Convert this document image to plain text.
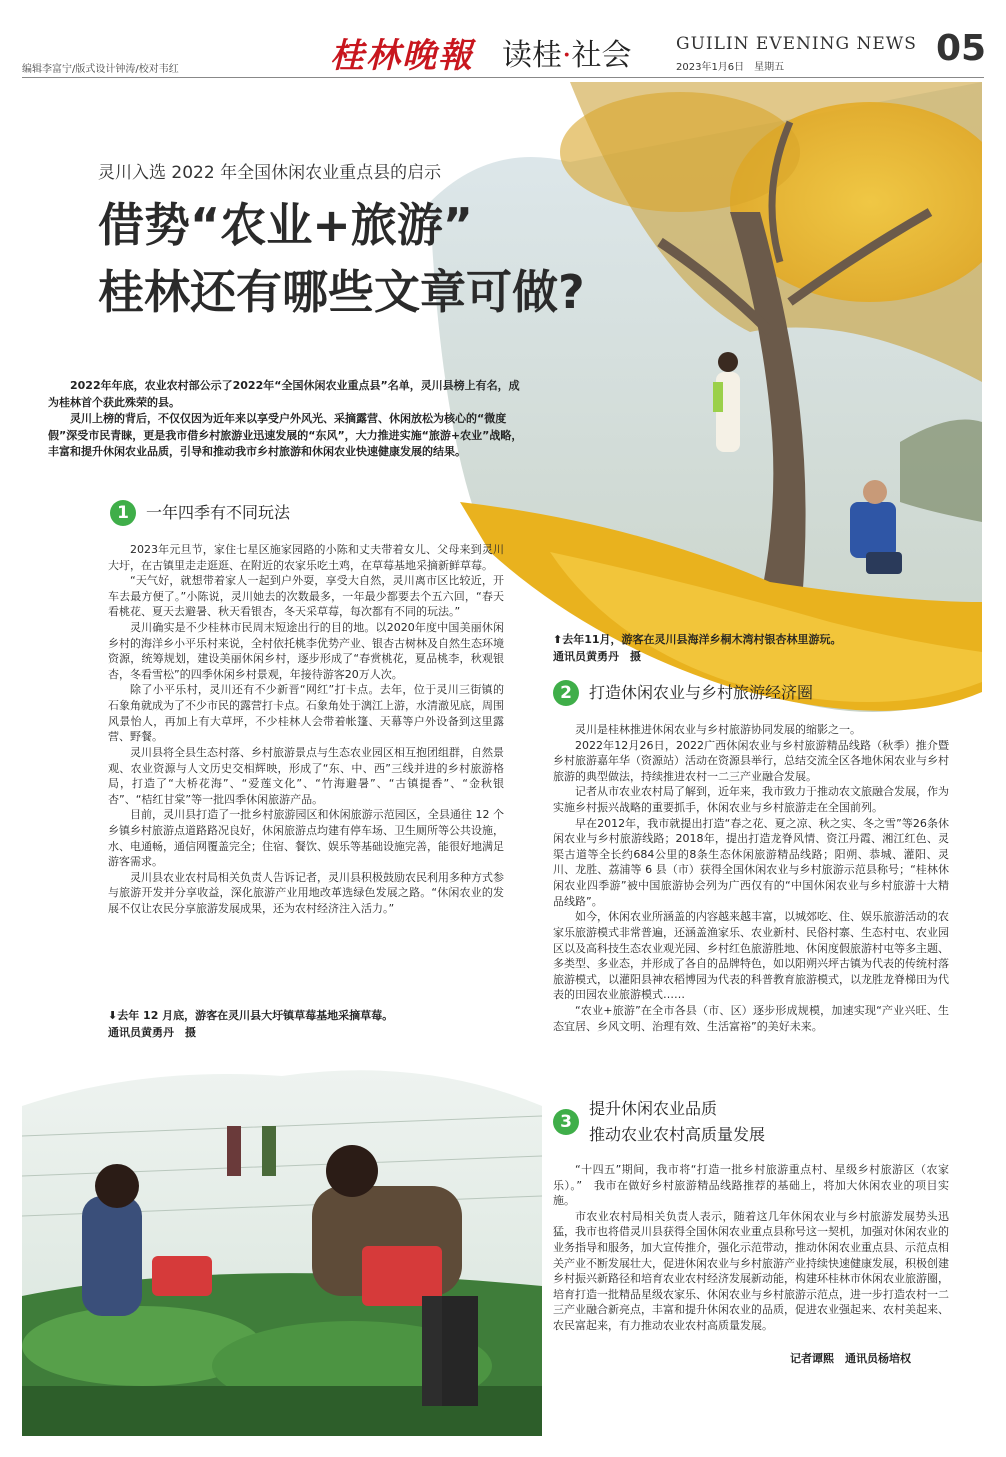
编辑李富宁/版式设计钟涛/校对韦红	桂林晚報 读桂·社会	GUILIN EVENING NEWS
2023年1月6日　星期五	05
灵川入选 2022 年全国休闲农业重点县的启示
借势“农业+旅游”
桂林还有哪些文章可做?

2022年年底，农业农村部公示了2022年“全国休闲农业重点县”名单，灵川县榜上有名，成为桂林首个获此殊荣的县。

灵川上榜的背后，不仅仅因为近年来以享受户外风光、采摘露营、休闲放松为核心的“微度假”深受市民青睐，更是我市借乡村旅游业迅速发展的“东风”，大力推进实施“旅游+农业”战略，丰富和提升休闲农业品质，引导和推动我市乡村旅游和休闲农业快速健康发展的结果。

1	一年四季有不同玩法

2023年元旦节，家住七星区施家园路的小陈和丈夫带着女儿、父母来到灵川大圩，在古镇里走走逛逛、在附近的农家乐吃土鸡，在草莓基地采摘新鲜草莓。

“天气好，就想带着家人一起到户外耍，享受大自然，灵川离市区比较近，开车去最方便了。”小陈说，灵川她去的次数最多，一年最少都要去个五六回，“春天看桃花、夏天去避暑、秋天看银杏，冬天采草莓，每次都有不同的玩法。”

灵川确实是不少桂林市民周末短途出行的目的地。以2020年度中国美丽休闲乡村的海洋乡小平乐村来说，全村依托桃李优势产业、银杏古树林及自然生态环境资源，统筹规划，建设美丽休闲乡村，逐步形成了“春赏桃花，夏品桃李，秋观银杏，冬看雪松”的四季休闲乡村景观，年接待游客20万人次。

除了小平乐村，灵川还有不少新晋“网红”打卡点。去年，位于灵川三街镇的石象角就成为了不少市民的露营打卡点。石象角处于漓江上游，水清澈见底，周围风景怡人，再加上有大草坪，不少桂林人会带着帐篷、天幕等户外设备到这里露营、野餐。

灵川县将全县生态村落、乡村旅游景点与生态农业园区相互抱团组群，自然景观、农业资源与人文历史交相辉映，形成了“东、中、西”三线并进的乡村旅游格局，打造了“大桥花海”、“爱莲文化”、“竹海避暑”、“古镇提香”、“金秋银杏”、“桔红甘棠”等一批四季休闲旅游产品。

目前，灵川县打造了一批乡村旅游园区和休闲旅游示范园区，全县通往 12 个乡镇乡村旅游点道路路况良好，休闲旅游点均建有停车场、卫生厕所等公共设施，水、电通畅，通信网覆盖完全；住宿、餐饮、娱乐等基础设施完善，能很好地满足游客需求。

灵川县农业农村局相关负责人告诉记者，灵川县积极鼓励农民利用多种方式参与旅游开发并分享收益，深化旅游产业用地改革选绿色发展之路。“休闲农业的发展不仅让农民分享旅游发展成果，还为农村经济注入活力。”

⬇去年 12 月底，游客在灵川县大圩镇草莓基地采摘草莓。　　　　　　通讯员黄勇丹　摄
⬆去年11月，游客在灵川县海洋乡桐木湾村银杏林里游玩。　　　　　　　　通讯员黄勇丹　摄
2	打造休闲农业与乡村旅游经济圈

灵川是桂林推进休闲农业与乡村旅游协同发展的缩影之一。

2022年12月26日，2022广西休闲农业与乡村旅游精品线路（秋季）推介暨乡村旅游嘉年华（资源站）活动在资源县举行，总结交流全区各地休闲农业与乡村旅游的典型做法，持续推进农村一二三产业融合发展。

记者从市农业农村局了解到，近年来，我市致力于推动农文旅融合发展，作为实施乡村振兴战略的重要抓手，休闲农业与乡村旅游走在全国前列。

早在2012年，我市就提出打造“春之花、夏之凉、秋之实、冬之雪”等26条休闲农业与乡村旅游线路；2018年，提出打造龙脊风情、资江丹霞、湘江红色、灵渠古道等全长约684公里的8条生态休闲旅游精品线路；阳朔、恭城、灌阳、灵川、龙胜、荔浦等 6 县（市）获得全国休闲农业与乡村旅游示范县称号；“桂林休闲农业四季游”被中国旅游协会列为广西仅有的“中国休闲农业与乡村旅游十大精品线路”。

如今，休闲农业所涵盖的内容越来越丰富，以城郊吃、住、娱乐旅游活动的农家乐旅游模式非常普遍，还涵盖渔家乐、农业新村、民俗村寨、生态村屯、农业园区以及高科技生态农业观光园、乡村红色旅游胜地、休闲度假旅游村屯等多主题、多类型、多业态，并形成了各自的品牌特色，如以阳朔兴坪古镇为代表的传统村落旅游模式，以灌阳县神农稻博园为代表的科普教育旅游模式，以龙胜龙脊梯田为代表的田园农业旅游模式……

“农业+旅游”在全市各县（市、区）逐步形成规模，加速实现“产业兴旺、生态宜居、乡风文明、治理有效、生活富裕”的美好未来。

3
提升休闲农业品质
推动农业农村高质量发展

“十四五”期间，我市将“打造一批乡村旅游重点村、星级乡村旅游区（农家乐）。”　我市在做好乡村旅游精品线路推荐的基础上，将加大休闲农业的项目实施。

市农业农村局相关负责人表示，随着这几年休闲农业与乡村旅游发展势头迅猛，我市也将借灵川县获得全国休闲农业重点县称号这一契机，加强对休闲农业的业务指导和服务，加大宣传推介，强化示范带动，推动休闲农业重点县、示范点相关产业不断发展壮大，促进休闲农业与乡村旅游产业持续快速健康发展，积极创建乡村振兴新路径和培育农业农村经济发展新动能，构建环桂林市休闲农业旅游圈，培育打造一批精品星级农家乐、休闲农业与乡村旅游示范点，进一步打造农村一二三产业融合新亮点，丰富和提升休闲农业的品质，促进农业强起来、农村美起来、农民富起来，有力推动农业农村高质量发展。

记者谭熙　通讯员杨培权
